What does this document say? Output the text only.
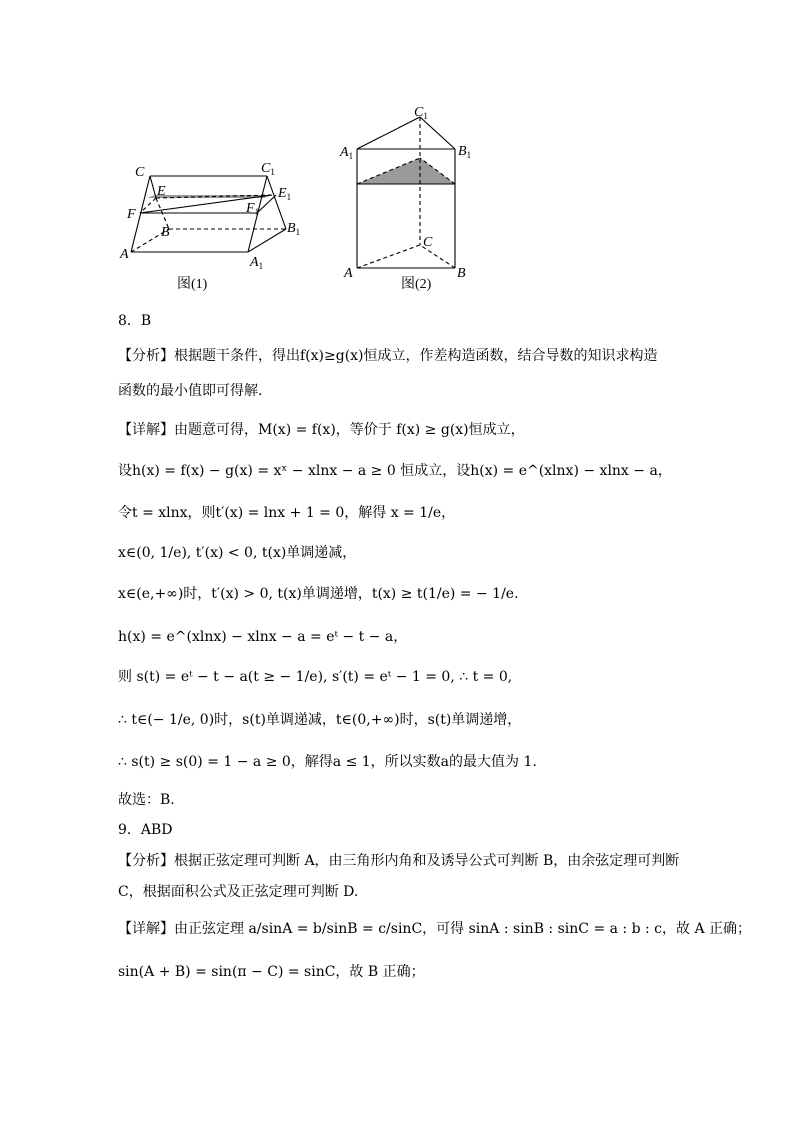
C	$C_1$
E	$E_1$
F	$F_1$
B	$B_1$
A
$A_1$
图(1)
$C_1$
$A_1$	$B_1$
C
A	B
图(2)
8．B
【分析】根据题干条件，得出f(x)≥g(x)恒成立，作差构造函数，结合导数的知识求构造
函数的最小值即可得解.
【详解】由题意可得，M(x) = f(x)，等价于 f(x) ≥ g(x)恒成立，
设h(x) = f(x) − g(x) = xˣ − xlnx − a ≥ 0 恒成立，设h(x) = e^(xlnx) − xlnx − a，
令t = xlnx，则t′(x) = lnx + 1 = 0，解得 x = 1/e，
x∈(0, 1/e), t′(x) < 0, t(x)单调递减，
x∈(e,+∞)时，t′(x) > 0, t(x)单调递增，t(x) ≥ t(1/e) = − 1/e.
h(x) = e^(xlnx) − xlnx − a = eᵗ − t − a，
则 s(t) = eᵗ − t − a(t ≥ − 1/e), s′(t) = eᵗ − 1 = 0, ∴ t = 0,
∴ t∈(− 1/e, 0)时，s(t)单调递减，t∈(0,+∞)时，s(t)单调递增，
∴ s(t) ≥ s(0) = 1 − a ≥ 0，解得a ≤ 1，所以实数a的最大值为 1.
故选：B.
9．ABD
【分析】根据正弦定理可判断 A，由三角形内角和及诱导公式可判断 B，由余弦定理可判断
C，根据面积公式及正弦定理可判断 D.
【详解】由正弦定理 a/sinA = b/sinB = c/sinC，可得 sinA : sinB : sinC = a : b : c，故 A 正确；
sin(A + B) = sin(π − C) = sinC，故 B 正确；
